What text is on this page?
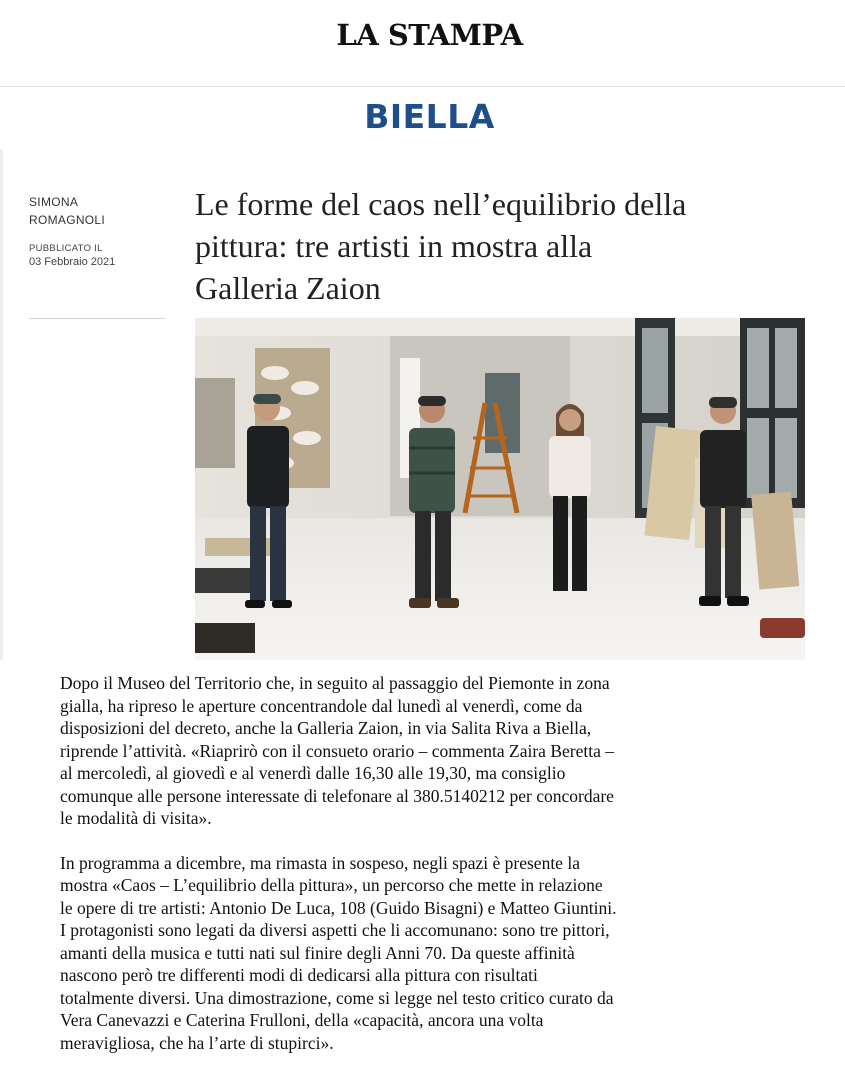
LA STAMPA
BIELLA
SIMONA
ROMAGNOLI
PUBBLICATO IL
03 Febbraio 2021
Le forme del caos nell’equilibrio della
pittura: tre artisti in mostra alla
Galleria Zaion

Dopo il Museo del Territorio che, in seguito al passaggio del Piemonte in zona
gialla, ha ripreso le aperture concentrandole dal lunedì al venerdì, come da
disposizioni del decreto, anche la Galleria Zaion, in via Salita Riva a Biella,
riprende l’attività. «Riaprirò con il consueto orario – commenta Zaira Beretta –
al mercoledì, al giovedì e al venerdì dalle 16,30 alle 19,30, ma consiglio
comunque alle persone interessate di telefonare al 380.5140212 per concordare
le modalità di visita».

In programma a dicembre, ma rimasta in sospeso, negli spazi è presente la
mostra «Caos – L’equilibrio della pittura», un percorso che mette in relazione
le opere di tre artisti: Antonio De Luca, 108 (Guido Bisagni) e Matteo Giuntini.
I protagonisti sono legati da diversi aspetti che li accomunano: sono tre pittori,
amanti della musica e tutti nati sul finire degli Anni 70. Da queste affinità
nascono però tre differenti modi di dedicarsi alla pittura con risultati
totalmente diversi. Una dimostrazione, come si legge nel testo critico curato da
Vera Canevazzi e Caterina Frulloni, della «capacità, ancora una volta
meravigliosa, che ha l’arte di stupirci».
